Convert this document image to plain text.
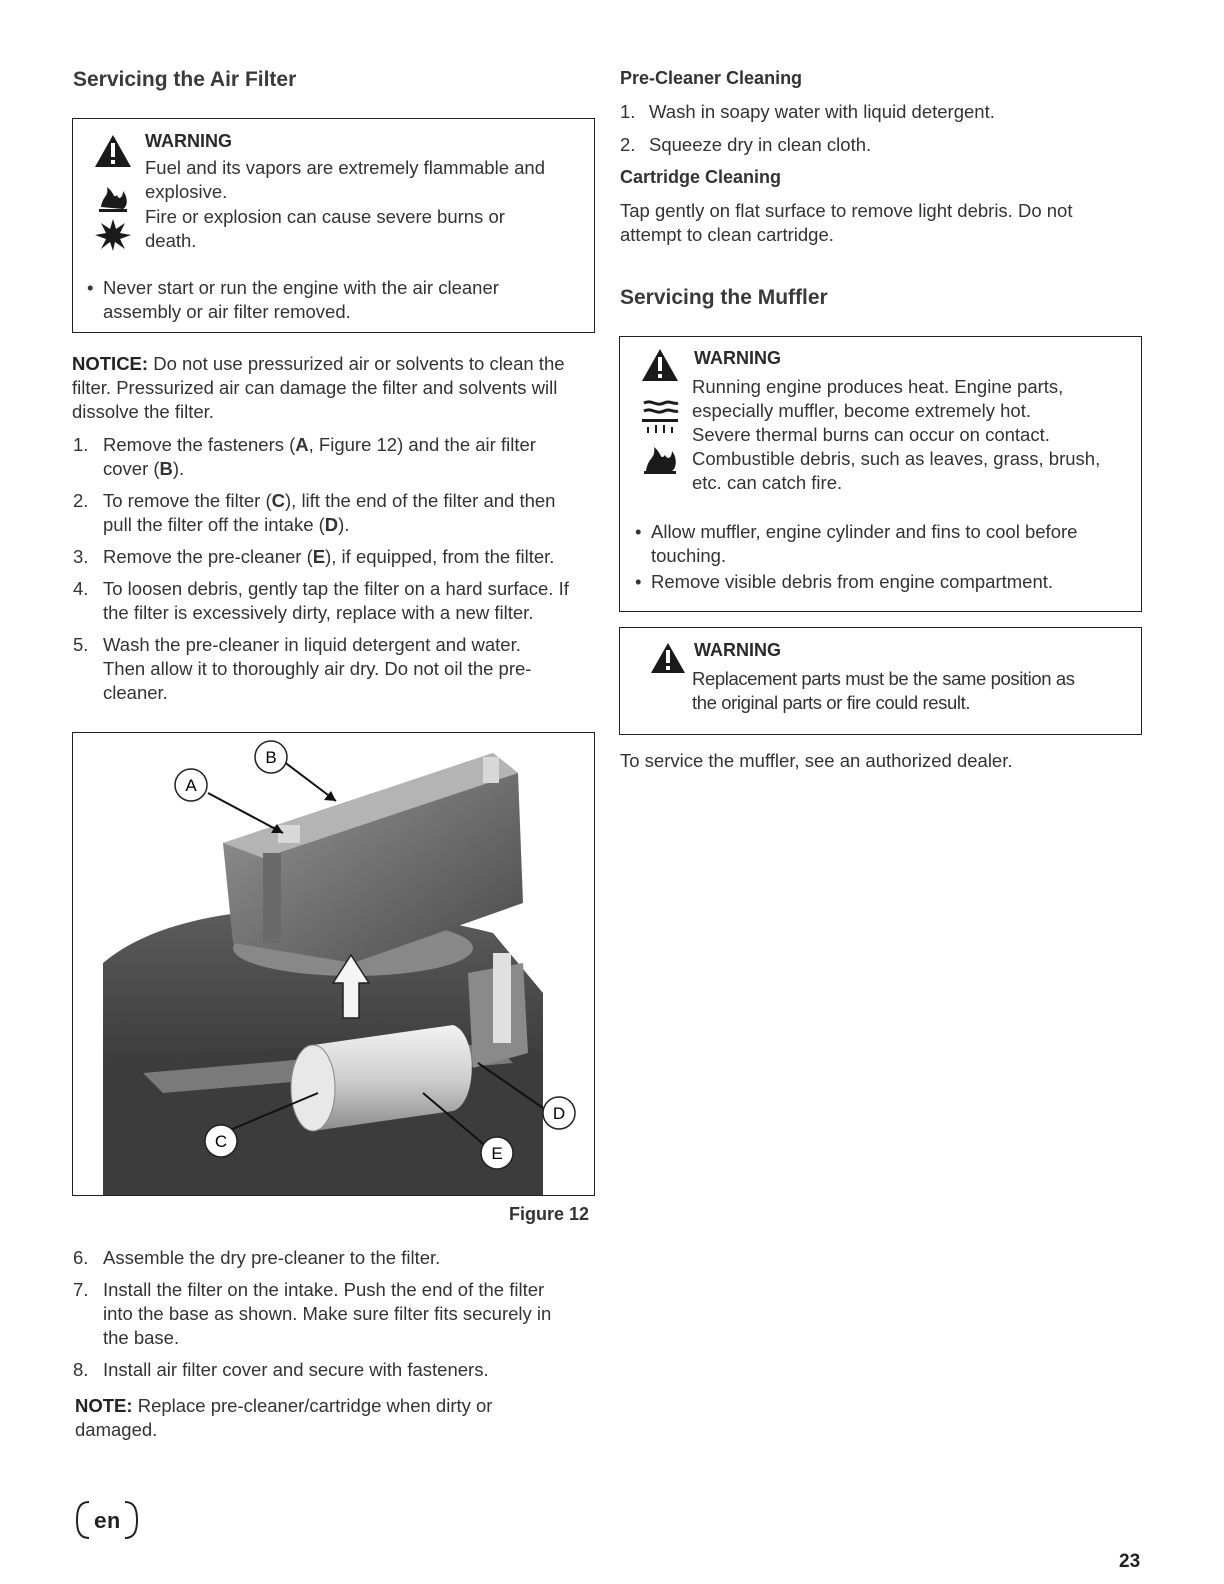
Servicing the Air Filter
WARNING
Fuel and its vapors are extremely flammable and
explosive.
Fire or explosion can cause severe burns or
death.
• Never start or run the engine with the air cleaner
assembly or air filter removed.
NOTICE: Do not use pressurized air or solvents to clean the
filter. Pressurized air can damage the filter and solvents will
dissolve the filter.
1. Remove the fasteners (A, Figure 12) and the air filter
cover (B).
2. To remove the filter (C), lift the end of the filter and then
pull the filter off the intake (D).
3. Remove the pre-cleaner (E), if equipped, from the filter.
4. To loosen debris, gently tap the filter on a hard surface. If
the filter is excessively dirty, replace with a new filter.
5. Wash the pre-cleaner in liquid detergent and water.
Then allow it to thoroughly air dry. Do not oil the pre-
cleaner.
A
B
C
D
E
Figure 12
6. Assemble the dry pre-cleaner to the filter.
7. Install the filter on the intake. Push the end of the filter
into the base as shown. Make sure filter fits securely in
the base.
8. Install air filter cover and secure with fasteners.
NOTE: Replace pre-cleaner/cartridge when dirty or
damaged.
Pre-Cleaner Cleaning
1. Wash in soapy water with liquid detergent.
2. Squeeze dry in clean cloth.
Cartridge Cleaning
Tap gently on flat surface to remove light debris. Do not
attempt to clean cartridge.
Servicing the Muffler
WARNING
Running engine produces heat. Engine parts,
especially muffler, become extremely hot.
Severe thermal burns can occur on contact.
Combustible debris, such as leaves, grass, brush,
etc. can catch fire.
• Allow muffler, engine cylinder and fins to cool before
touching.
• Remove visible debris from engine compartment.
WARNING
Replacement parts must be the same position as
the original parts or fire could result.
To service the muffler, see an authorized dealer.
en
23
